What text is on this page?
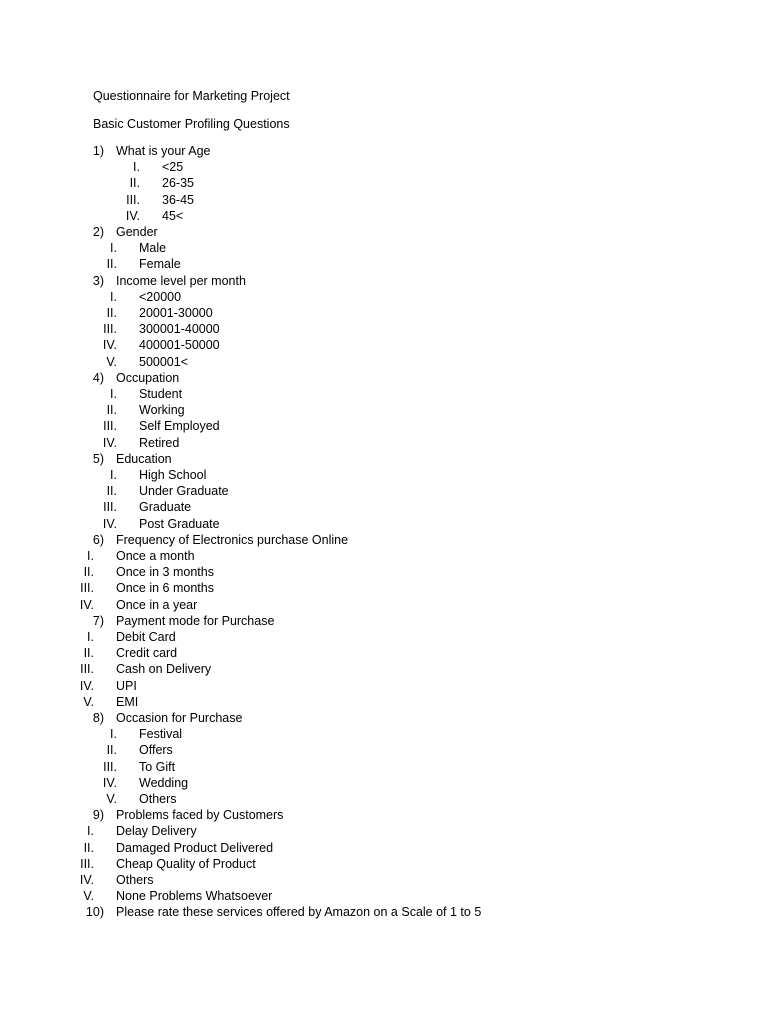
Questionnaire for Marketing Project
Basic Customer Profiling Questions
1) What is your Age
I. <25
II. 26-35
III. 36-45
IV. 45<
2) Gender
I. Male
II. Female
3) Income level per month
I. <20000
II. 20001-30000
III. 300001-40000
IV. 400001-50000
V. 500001<
4) Occupation
I. Student
II. Working
III. Self Employed
IV. Retired
5) Education
I. High School
II. Under Graduate
III. Graduate
IV. Post Graduate
6) Frequency of Electronics purchase Online
I. Once a month
II. Once in 3 months
III. Once in 6 months
IV. Once in a year
7) Payment mode for Purchase
I. Debit Card
II. Credit card
III. Cash on Delivery
IV. UPI
V. EMI
8) Occasion for Purchase
I. Festival
II. Offers
III. To Gift
IV. Wedding
V. Others
9) Problems faced by Customers
I. Delay Delivery
II. Damaged Product Delivered
III. Cheap Quality of Product
IV. Others
V. None Problems Whatsoever
10) Please rate these services offered by Amazon on a Scale of 1 to 5
